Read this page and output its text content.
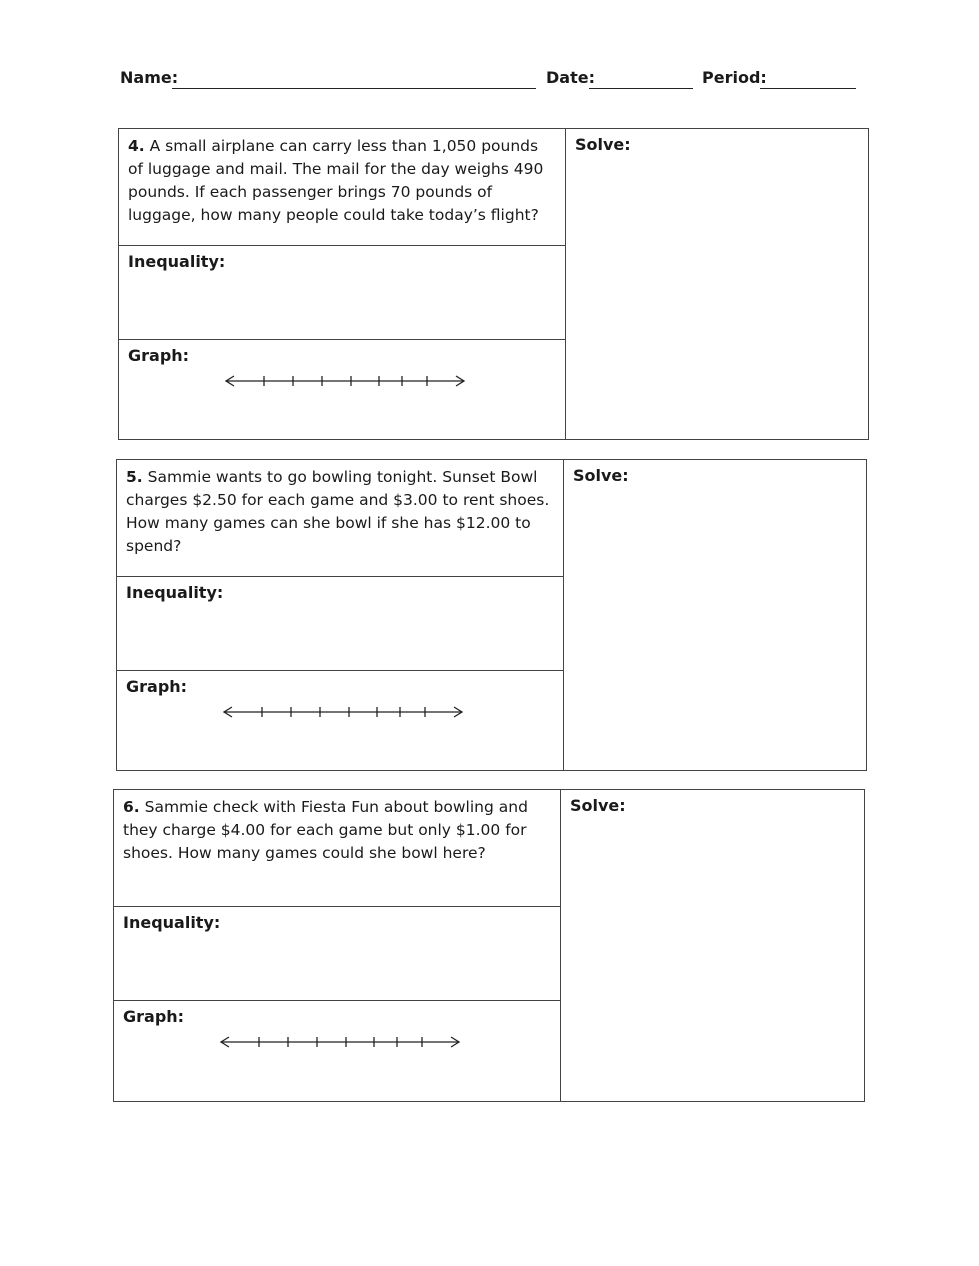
Name:	Date:	Period:
4. A small airplane can carry less than 1,050 pounds of luggage and mail. The mail for the day weighs 490 pounds. If each passenger brings 70 pounds of luggage, how many people could take today’s flight?
Inequality:
Graph:
Solve:
5. Sammie wants to go bowling tonight. Sunset Bowl charges $2.50 for each game and $3.00 to rent shoes. How many games can she bowl if she has $12.00 to spend?
Inequality:
Graph:
Solve:
6. Sammie check with Fiesta Fun about bowling and they charge $4.00 for each game but only $1.00 for shoes. How many games could she bowl here?
Inequality:
Graph:
Solve:
